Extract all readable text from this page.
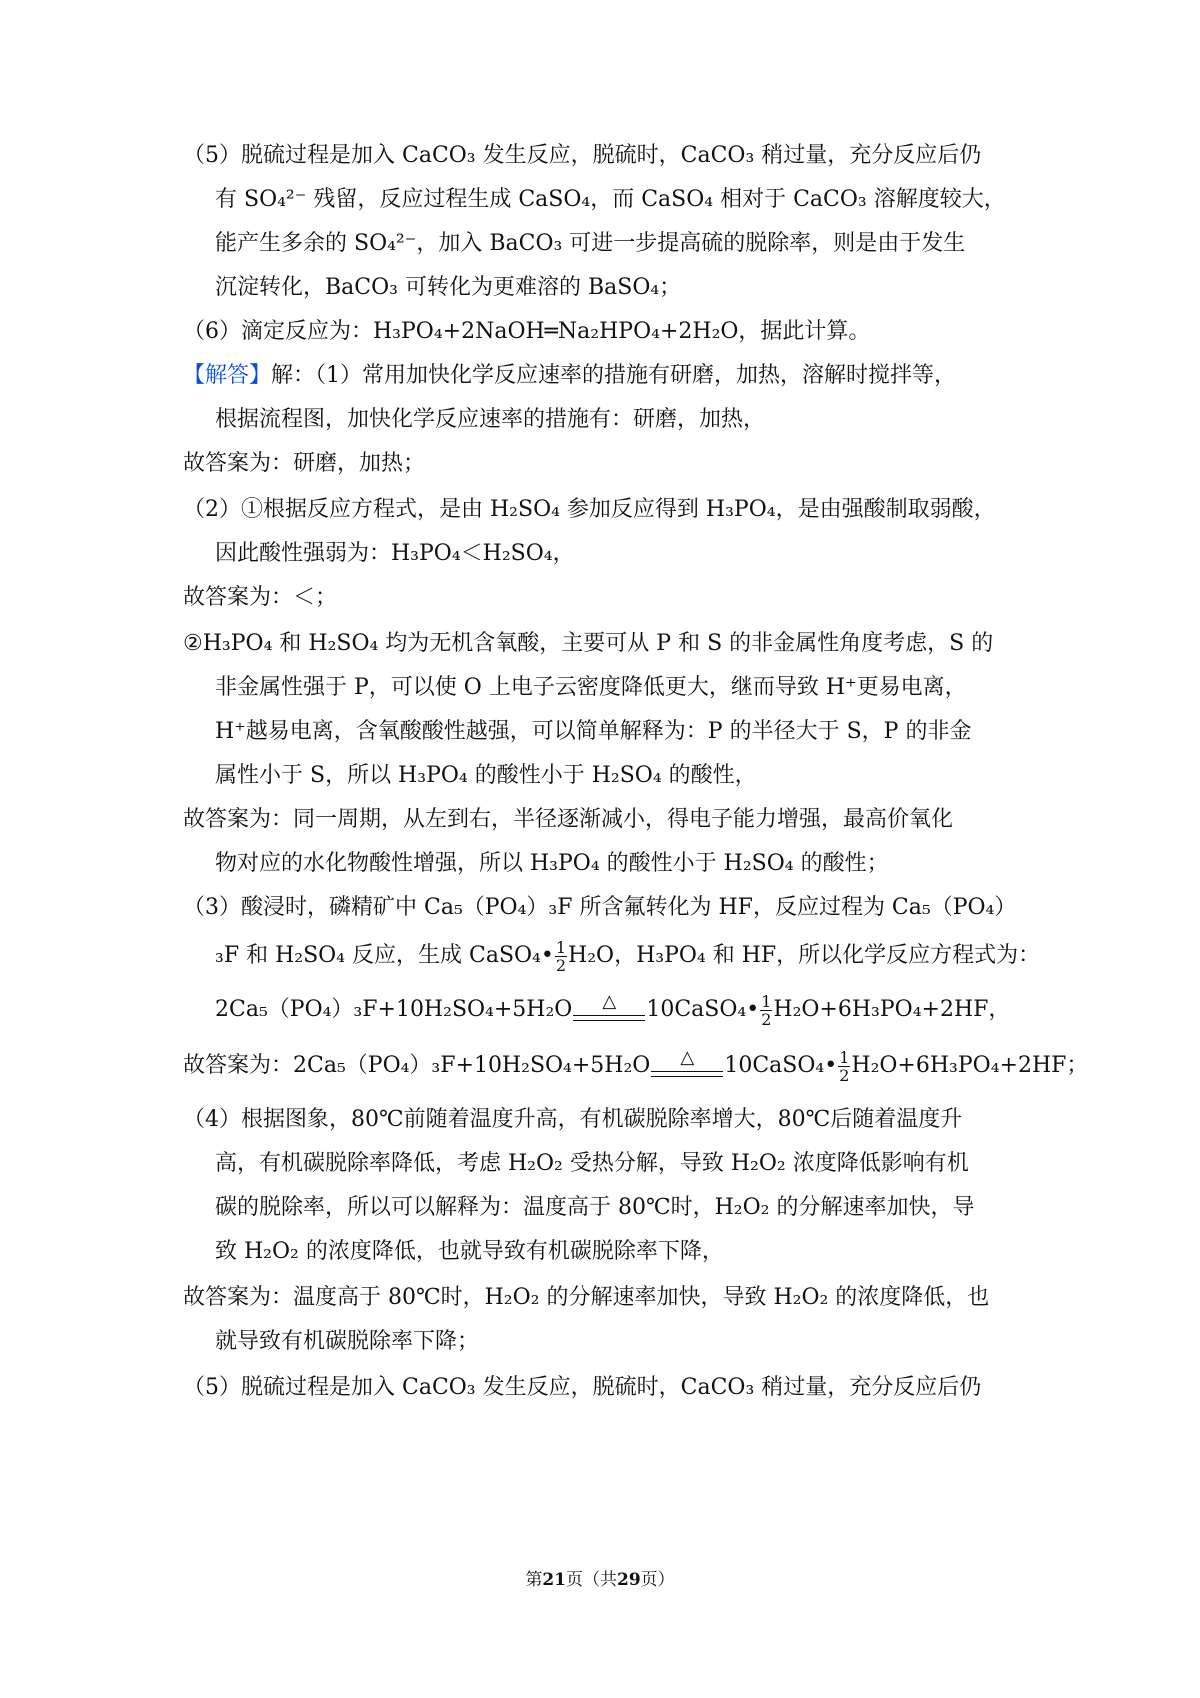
（5）脱硫过程是加入 CaCO₃ 发生反应，脱硫时，CaCO₃ 稍过量，充分反应后仍
有 SO₄²⁻ 残留，反应过程生成 CaSO₄，而 CaSO₄ 相对于 CaCO₃ 溶解度较大，
能产生多余的 SO₄²⁻，加入 BaCO₃ 可进一步提高硫的脱除率，则是由于发生
沉淀转化，BaCO₃ 可转化为更难溶的 BaSO₄；
（6）滴定反应为：H₃PO₄+2NaOH═Na₂HPO₄+2H₂O，据此计算。
【解答】解：（1）常用加快化学反应速率的措施有研磨，加热，溶解时搅拌等，
根据流程图，加快化学反应速率的措施有：研磨，加热，
故答案为：研磨，加热；
（2）①根据反应方程式，是由 H₂SO₄ 参加反应得到 H₃PO₄，是由强酸制取弱酸，
因此酸性强弱为：H₃PO₄＜H₂SO₄，
故答案为：＜；
②H₃PO₄ 和 H₂SO₄ 均为无机含氧酸，主要可从 P 和 S 的非金属性角度考虑，S 的
非金属性强于 P，可以使 O 上电子云密度降低更大，继而导致 H⁺更易电离，
H⁺越易电离，含氧酸酸性越强，可以简单解释为：P 的半径大于 S，P 的非金
属性小于 S，所以 H₃PO₄ 的酸性小于 H₂SO₄ 的酸性，
故答案为：同一周期，从左到右，半径逐渐减小，得电子能力增强，最高价氧化
物对应的水化物酸性增强，所以 H₃PO₄ 的酸性小于 H₂SO₄ 的酸性；
（3）酸浸时，磷精矿中 Ca₅（PO₄）₃F 所含氟转化为 HF，反应过程为 Ca₅（PO₄）
₃F 和 H₂SO₄ 反应，生成 CaSO₄• $\frac{1}{2} H_2O$，H₃PO₄ 和 HF，所以化学反应方程式为：
2Ca₅（PO₄）₃F+10H₂SO₄+5H₂O	△	10CaSO₄• $\frac{1}{2} H_2O+6H_3PO_4+2HF$，
故答案为：2Ca₅（PO₄）₃F+10H₂SO₄+5H₂O	△	10CaSO₄• $\frac{1}{2} H_2O+6H_3PO_4+2HF$；
（4）根据图象，80℃前随着温度升高，有机碳脱除率增大，80℃后随着温度升
高，有机碳脱除率降低，考虑 H₂O₂ 受热分解，导致 H₂O₂ 浓度降低影响有机
碳的脱除率，所以可以解释为：温度高于 80℃时，H₂O₂ 的分解速率加快，导
致 H₂O₂ 的浓度降低，也就导致有机碳脱除率下降，
故答案为：温度高于 80℃时，H₂O₂ 的分解速率加快，导致 H₂O₂ 的浓度降低，也
就导致有机碳脱除率下降；
（5）脱硫过程是加入 CaCO₃ 发生反应，脱硫时，CaCO₃ 稍过量，充分反应后仍
第21页（共29页）
